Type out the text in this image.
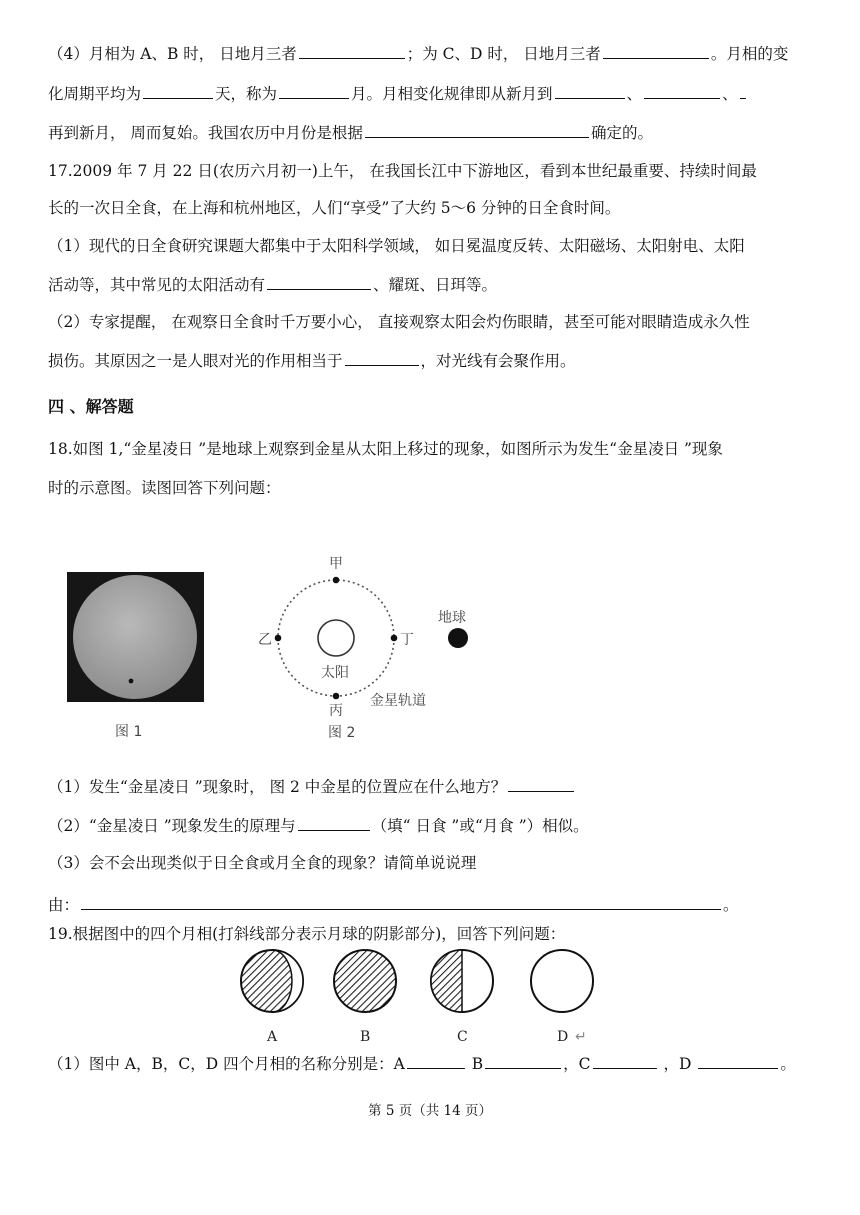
（4）月相为 A、B 时， 日地月三者	；为 C、D 时， 日地月三者	。月相的变
化周期平均为	天，称为	月。月相变化规律即从新月到	、	、
再到新月， 周而复始。我国农历中月份是根据	确定的。
17.2009 年 7 月 22 日(农历六月初一)上午， 在我国长江中下游地区，看到本世纪最重要、持续时间最
长的一次日全食，在上海和杭州地区，人们“享受”了大约 5～6 分钟的日全食时间。
（1）现代的日全食研究课题大都集中于太阳科学领域， 如日冕温度反转、太阳磁场、太阳射电、太阳
活动等，其中常见的太阳活动有	、耀斑、日珥等。
（2）专家提醒， 在观察日全食时千万要小心， 直接观察太阳会灼伤眼睛，甚至可能对眼睛造成永久性
损伤。其原因之一是人眼对光的作用相当于	，对光线有会聚作用。
四 、解答题
18.如图 1,“金星凌日 ”是地球上观察到金星从太阳上移过的现象，如图所示为发生“金星凌日 ”现象
时的示意图。读图回答下列问题：
图 1
甲
乙	丁
丙
太阳
金星轨道
地球
图 2
（1）发生“金星凌日 ”现象时， 图 2 中金星的位置应在什么地方？
（2）“金星凌日 ”现象发生的原理与	（填“ 日食 ”或“月食 ”）相似。
（3）会不会出现类似于日全食或月全食的现象？请简单说说理
由：	。
19.根据图中的四个月相(打斜线部分表示月球的阴影部分)，回答下列问题：
A	B	C	D ↵
（1）图中 A，B，C，D 四个月相的名称分别是：A	B	，C	，D	。
第 5 页（共 14 页）
